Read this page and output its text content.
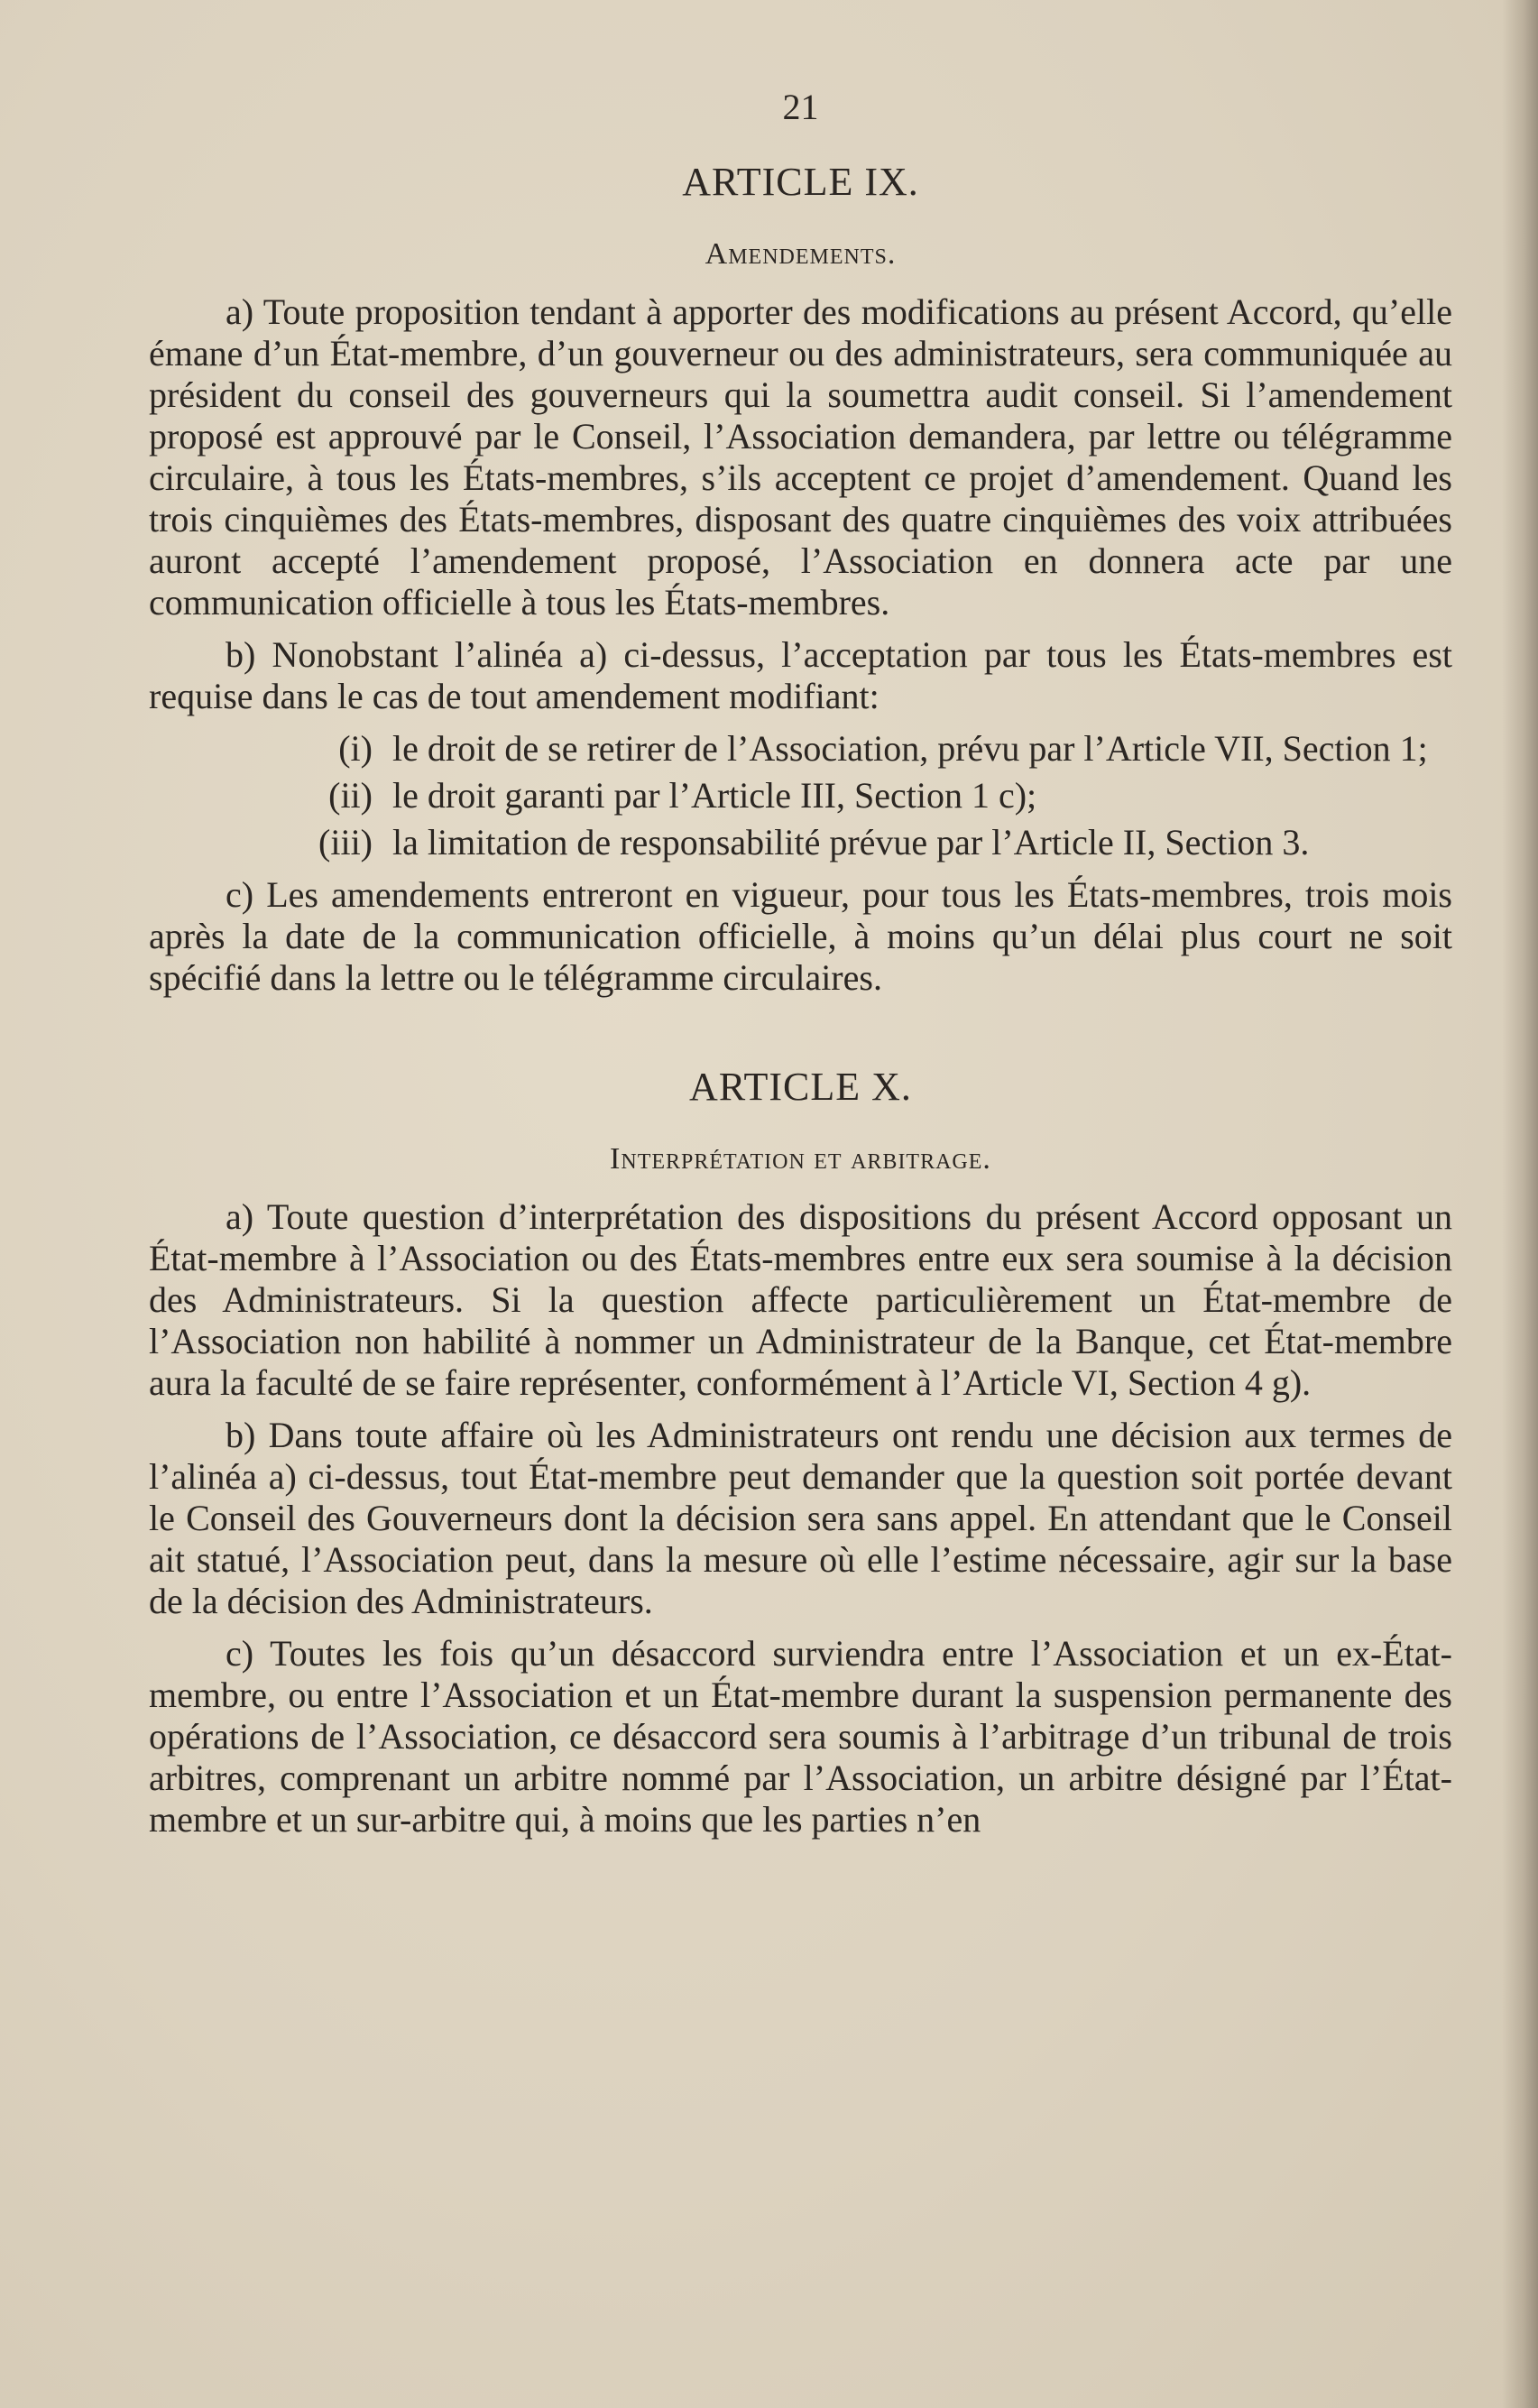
21
ARTICLE IX.
Amendements.

a) Toute proposition tendant à apporter des modifications au présent Accord, qu’elle émane d’un État-membre, d’un gouverneur ou des administrateurs, sera communiquée au président du conseil des gouverneurs qui la soumettra audit conseil. Si l’amendement proposé est approuvé par le Conseil, l’Association demandera, par lettre ou télégramme circulaire, à tous les États-membres, s’ils acceptent ce projet d’amendement. Quand les trois cinquièmes des États-membres, disposant des quatre cinquièmes des voix attribuées auront accepté l’amendement proposé, l’Association en donnera acte par une communication officielle à tous les États-membres.

b) Nonobstant l’alinéa a) ci-dessus, l’acceptation par tous les États-membres est requise dans le cas de tout amendement modifiant:

(i) le droit de se retirer de l’Association, prévu par l’Article VII, Section 1;
(ii) le droit garanti par l’Article III, Section 1 c);
(iii) la limitation de responsabilité prévue par l’Article II, Section 3.

c) Les amendements entreront en vigueur, pour tous les États-membres, trois mois après la date de la communication officielle, à moins qu’un délai plus court ne soit spécifié dans la lettre ou le télégramme circulaires.

ARTICLE X.
Interprétation et arbitrage.

a) Toute question d’interprétation des dispositions du présent Accord opposant un État-membre à l’Association ou des États-membres entre eux sera soumise à la décision des Administrateurs. Si la question affecte particulièrement un État-membre de l’Association non habilité à nommer un Administrateur de la Banque, cet État-membre aura la faculté de se faire représenter, conformément à l’Article VI, Section 4 g).

b) Dans toute affaire où les Administrateurs ont rendu une décision aux termes de l’alinéa a) ci-dessus, tout État-membre peut demander que la question soit portée devant le Conseil des Gouverneurs dont la décision sera sans appel. En attendant que le Conseil ait statué, l’Association peut, dans la mesure où elle l’estime nécessaire, agir sur la base de la décision des Administrateurs.

c) Toutes les fois qu’un désaccord surviendra entre l’Association et un ex-État-membre, ou entre l’Association et un État-membre durant la suspension permanente des opérations de l’Association, ce désaccord sera soumis à l’arbitrage d’un tribunal de trois arbitres, comprenant un arbitre nommé par l’Association, un arbitre désigné par l’État-membre et un sur-arbitre qui, à moins que les parties n’en
